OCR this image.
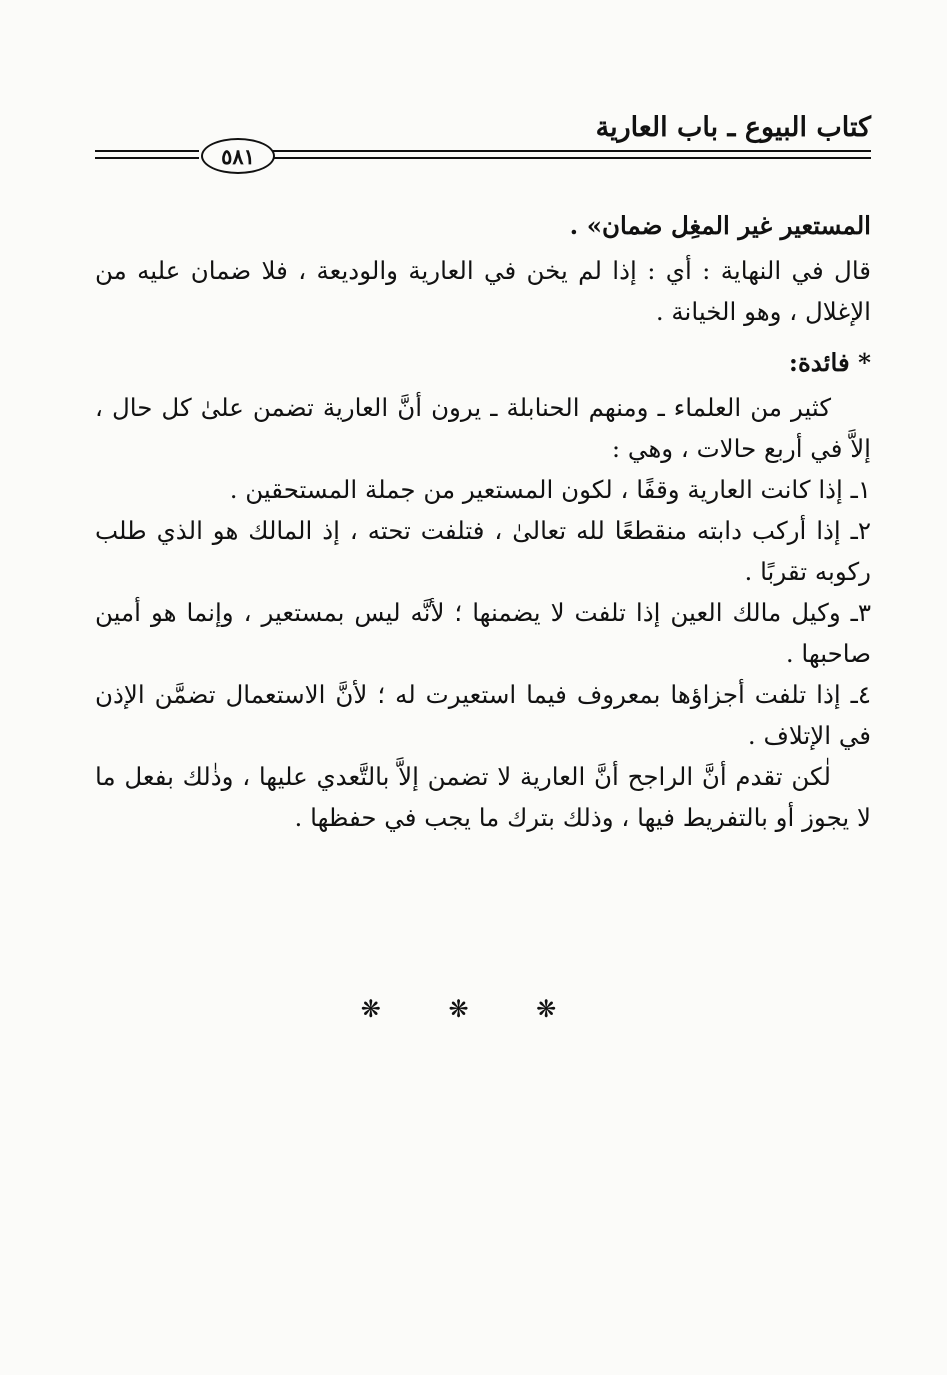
كتاب البيوع ـ باب العارية
٥٨١

المستعير غير المغِل ضمان» .

قال في النهاية : أي : إذا لم يخن في العارية والوديعة ، فلا ضمان عليه من الإغلال ، وهو الخيانة .

* فائدة:

كثير من العلماء ـ ومنهم الحنابلة ـ يرون أنَّ العارية تضمن علىٰ كل حال ، إلاَّ في أربع حالات ، وهي :

١ـ إذا كانت العارية وقفًا ، لكون المستعير من جملة المستحقين .

٢ـ إذا أركب دابته منقطعًا لله تعالىٰ ، فتلفت تحته ، إذ المالك هو الذي طلب ركوبه تقربًا .

٣ـ وكيل مالك العين إذا تلفت لا يضمنها ؛ لأنَّه ليس بمستعير ، وإنما هو أمين صاحبها .

٤ـ إذا تلفت أجزاؤها بمعروف فيما استعيرت له ؛ لأنَّ الاستعمال تضمَّن الإذن في الإتلاف .

لٰكن تقدم أنَّ الراجح أنَّ العارية لا تضمن إلاَّ بالتَّعدي عليها ، وذٰلك بفعل ما لا يجوز أو بالتفريط فيها ، وذلك بترك ما يجب في حفظها .

❋ ❋ ❋
